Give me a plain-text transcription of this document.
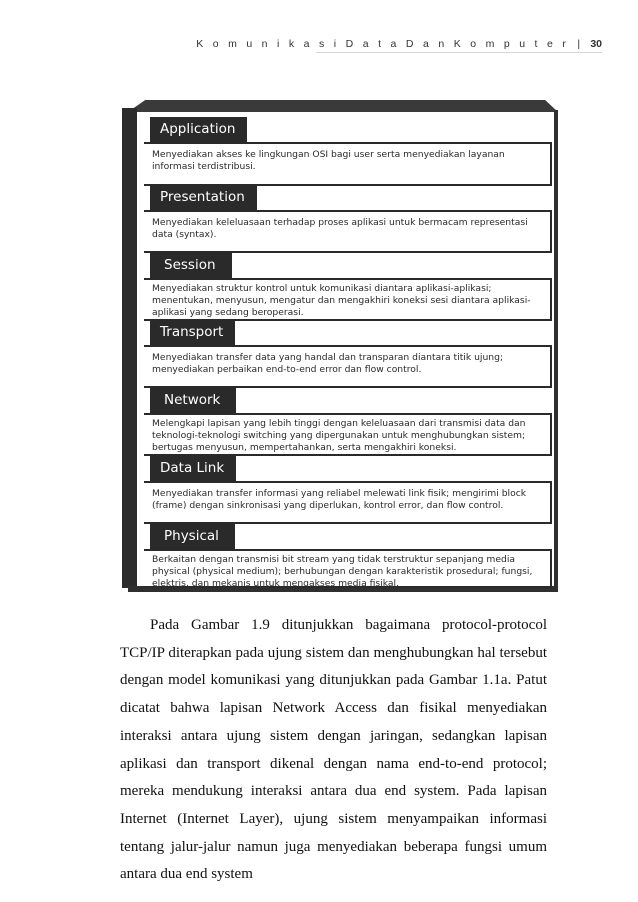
K o m u n i k a s i D a t a D a n K o m p u t e r | 30
Application
Menyediakan akses ke lingkungan OSI bagi user serta menyediakan layanan informasi terdistribusi.
Presentation
Menyediakan keleluasaan terhadap proses aplikasi untuk bermacam representasi data (syntax).
Session
Menyediakan struktur kontrol untuk komunikasi diantara aplikasi-aplikasi; menentukan, menyusun, mengatur dan mengakhiri koneksi sesi diantara aplikasi-aplikasi yang sedang beroperasi.
Transport
Menyediakan transfer data yang handal dan transparan diantara titik ujung; menyediakan perbaikan end-to-end error dan flow control.
Network
Melengkapi lapisan yang lebih tinggi dengan keleluasaan dari transmisi data dan teknologi-teknologi switching yang dipergunakan untuk menghubungkan sistem; bertugas menyusun, mempertahankan, serta mengakhiri koneksi.
Data Link
Menyediakan transfer informasi yang reliabel melewati link fisik; mengirimi block (frame) dengan sinkronisasi yang diperlukan, kontrol error, dan flow control.
Physical
Berkaitan dengan transmisi bit stream yang tidak terstruktur sepanjang media physical (physical medium); berhubungan dengan karakteristik prosedural; fungsi, elektris, dan mekanis untuk mengakses media fisikal.

Pada Gambar 1.9 ditunjukkan bagaimana protocol-protocol TCP/IP diterapkan pada ujung sistem dan menghubungkan hal tersebut dengan model komunikasi yang ditunjukkan pada Gambar 1.1a. Patut dicatat bahwa lapisan Network Access dan fisikal menyediakan interaksi antara ujung sistem dengan jaringan, sedangkan lapisan aplikasi dan transport dikenal dengan nama end-to-end protocol; mereka mendukung interaksi antara dua end system. Pada lapisan Internet (Internet Layer), ujung sistem menyampaikan informasi tentang jalur-jalur namun juga menyediakan beberapa fungsi umum antara dua end system
